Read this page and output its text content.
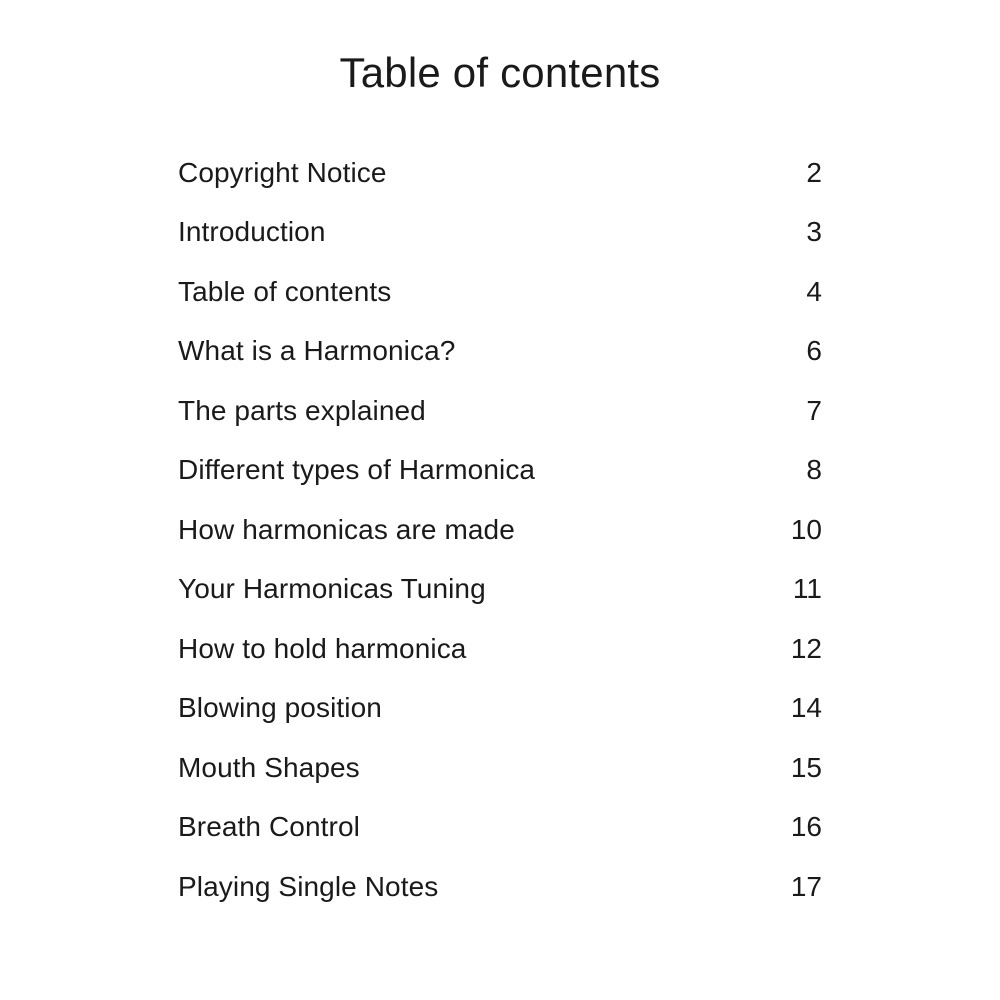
Table of contents
Copyright Notice	2
Introduction	3
Table of contents	4
What is a Harmonica?	6
The parts explained	7
Different types of Harmonica	8
How harmonicas are made	10
Your Harmonicas Tuning	11
How to hold harmonica	12
Blowing position	14
Mouth Shapes	15
Breath Control	16
Playing Single Notes	17
